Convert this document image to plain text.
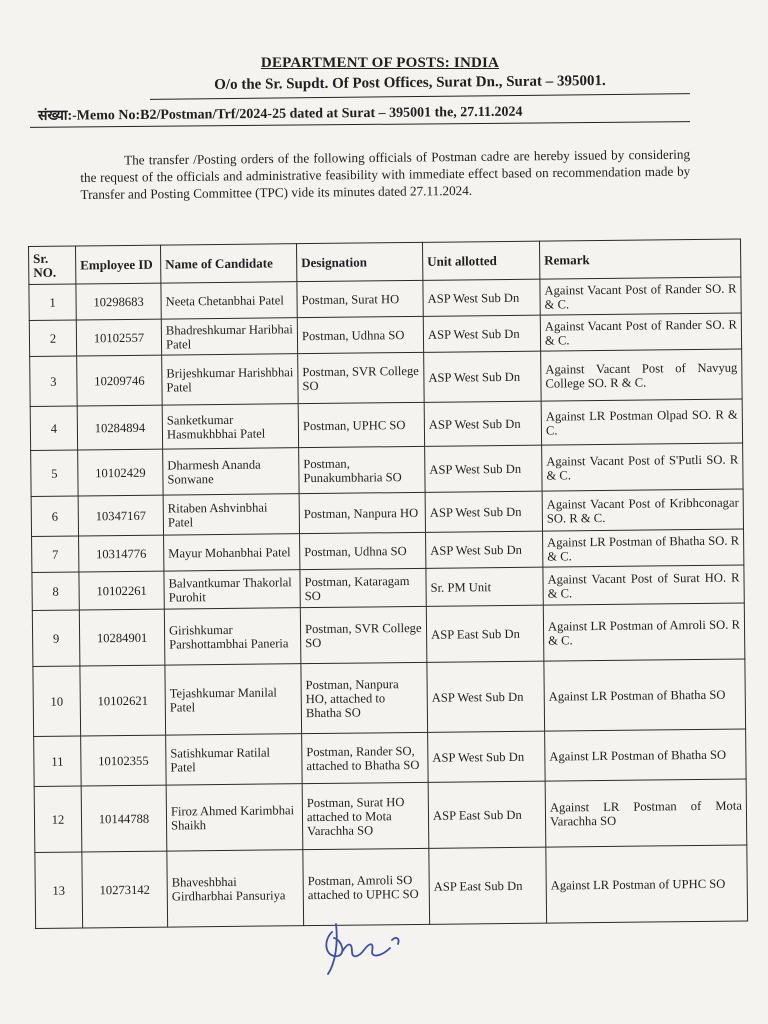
DEPARTMENT OF POSTS: INDIA
O/o the Sr. Supdt. Of Post Offices, Surat Dn., Surat – 395001.
संख्या:-Memo No:B2/Postman/Trf/2024-25 dated at Surat – 395001 the, 27.11.2024
The transfer /Posting orders of the following officials of Postman cadre are hereby issued by considering the request of the officials and administrative feasibility with immediate effect based on recommendation made by Transfer and Posting Committee (TPC) vide its minutes dated 27.11.2024.
Sr. NO.	Employee ID	Name of Candidate	Designation	Unit allotted	Remark
1	10298683	Neeta Chetanbhai Patel	Postman, Surat HO	ASP West Sub Dn	Against Vacant Post of Rander SO. R & C.
2	10102557	Bhadreshkumar Haribhai Patel	Postman, Udhna SO	ASP West Sub Dn	Against Vacant Post of Rander SO. R & C.
3	10209746	Brijeshkumar Harishbhai Patel	Postman, SVR College SO	ASP West Sub Dn	Against Vacant Post of Navyug College SO. R & C.
4	10284894	Sanketkumar Hasmukhbhai Patel	Postman, UPHC SO	ASP West Sub Dn	Against LR Postman Olpad SO. R & C.
5	10102429	Dharmesh Ananda Sonwane	Postman, Punakumbharia SO	ASP West Sub Dn	Against Vacant Post of S'Putli SO. R & C.
6	10347167	Ritaben Ashvinbhai Patel	Postman, Nanpura HO	ASP West Sub Dn	Against Vacant Post of Kribhconagar SO. R & C.
7	10314776	Mayur Mohanbhai Patel	Postman, Udhna SO	ASP West Sub Dn	Against LR Postman of Bhatha SO. R & C.
8	10102261	Balvantkumar Thakorlal Purohit	Postman, Kataragam SO	Sr. PM Unit	Against Vacant Post of Surat HO. R & C.
9	10284901	Girishkumar Parshottambhai Paneria	Postman, SVR College SO	ASP East Sub Dn	Against LR Postman of Amroli SO. R & C.
10	10102621	Tejashkumar Manilal Patel	Postman, Nanpura HO, attached to Bhatha SO	ASP West Sub Dn	Against LR Postman of Bhatha SO
11	10102355	Satishkumar Ratilal Patel	Postman, Rander SO, attached to Bhatha SO	ASP West Sub Dn	Against LR Postman of Bhatha SO
12	10144788	Firoz Ahmed Karimbhai Shaikh	Postman, Surat HO attached to Mota Varachha SO	ASP East Sub Dn	Against LR Postman of Mota Varachha SO
13	10273142	Bhaveshbhai Girdharbhai Pansuriya	Postman, Amroli SO attached to UPHC SO	ASP East Sub Dn	Against LR Postman of UPHC SO
